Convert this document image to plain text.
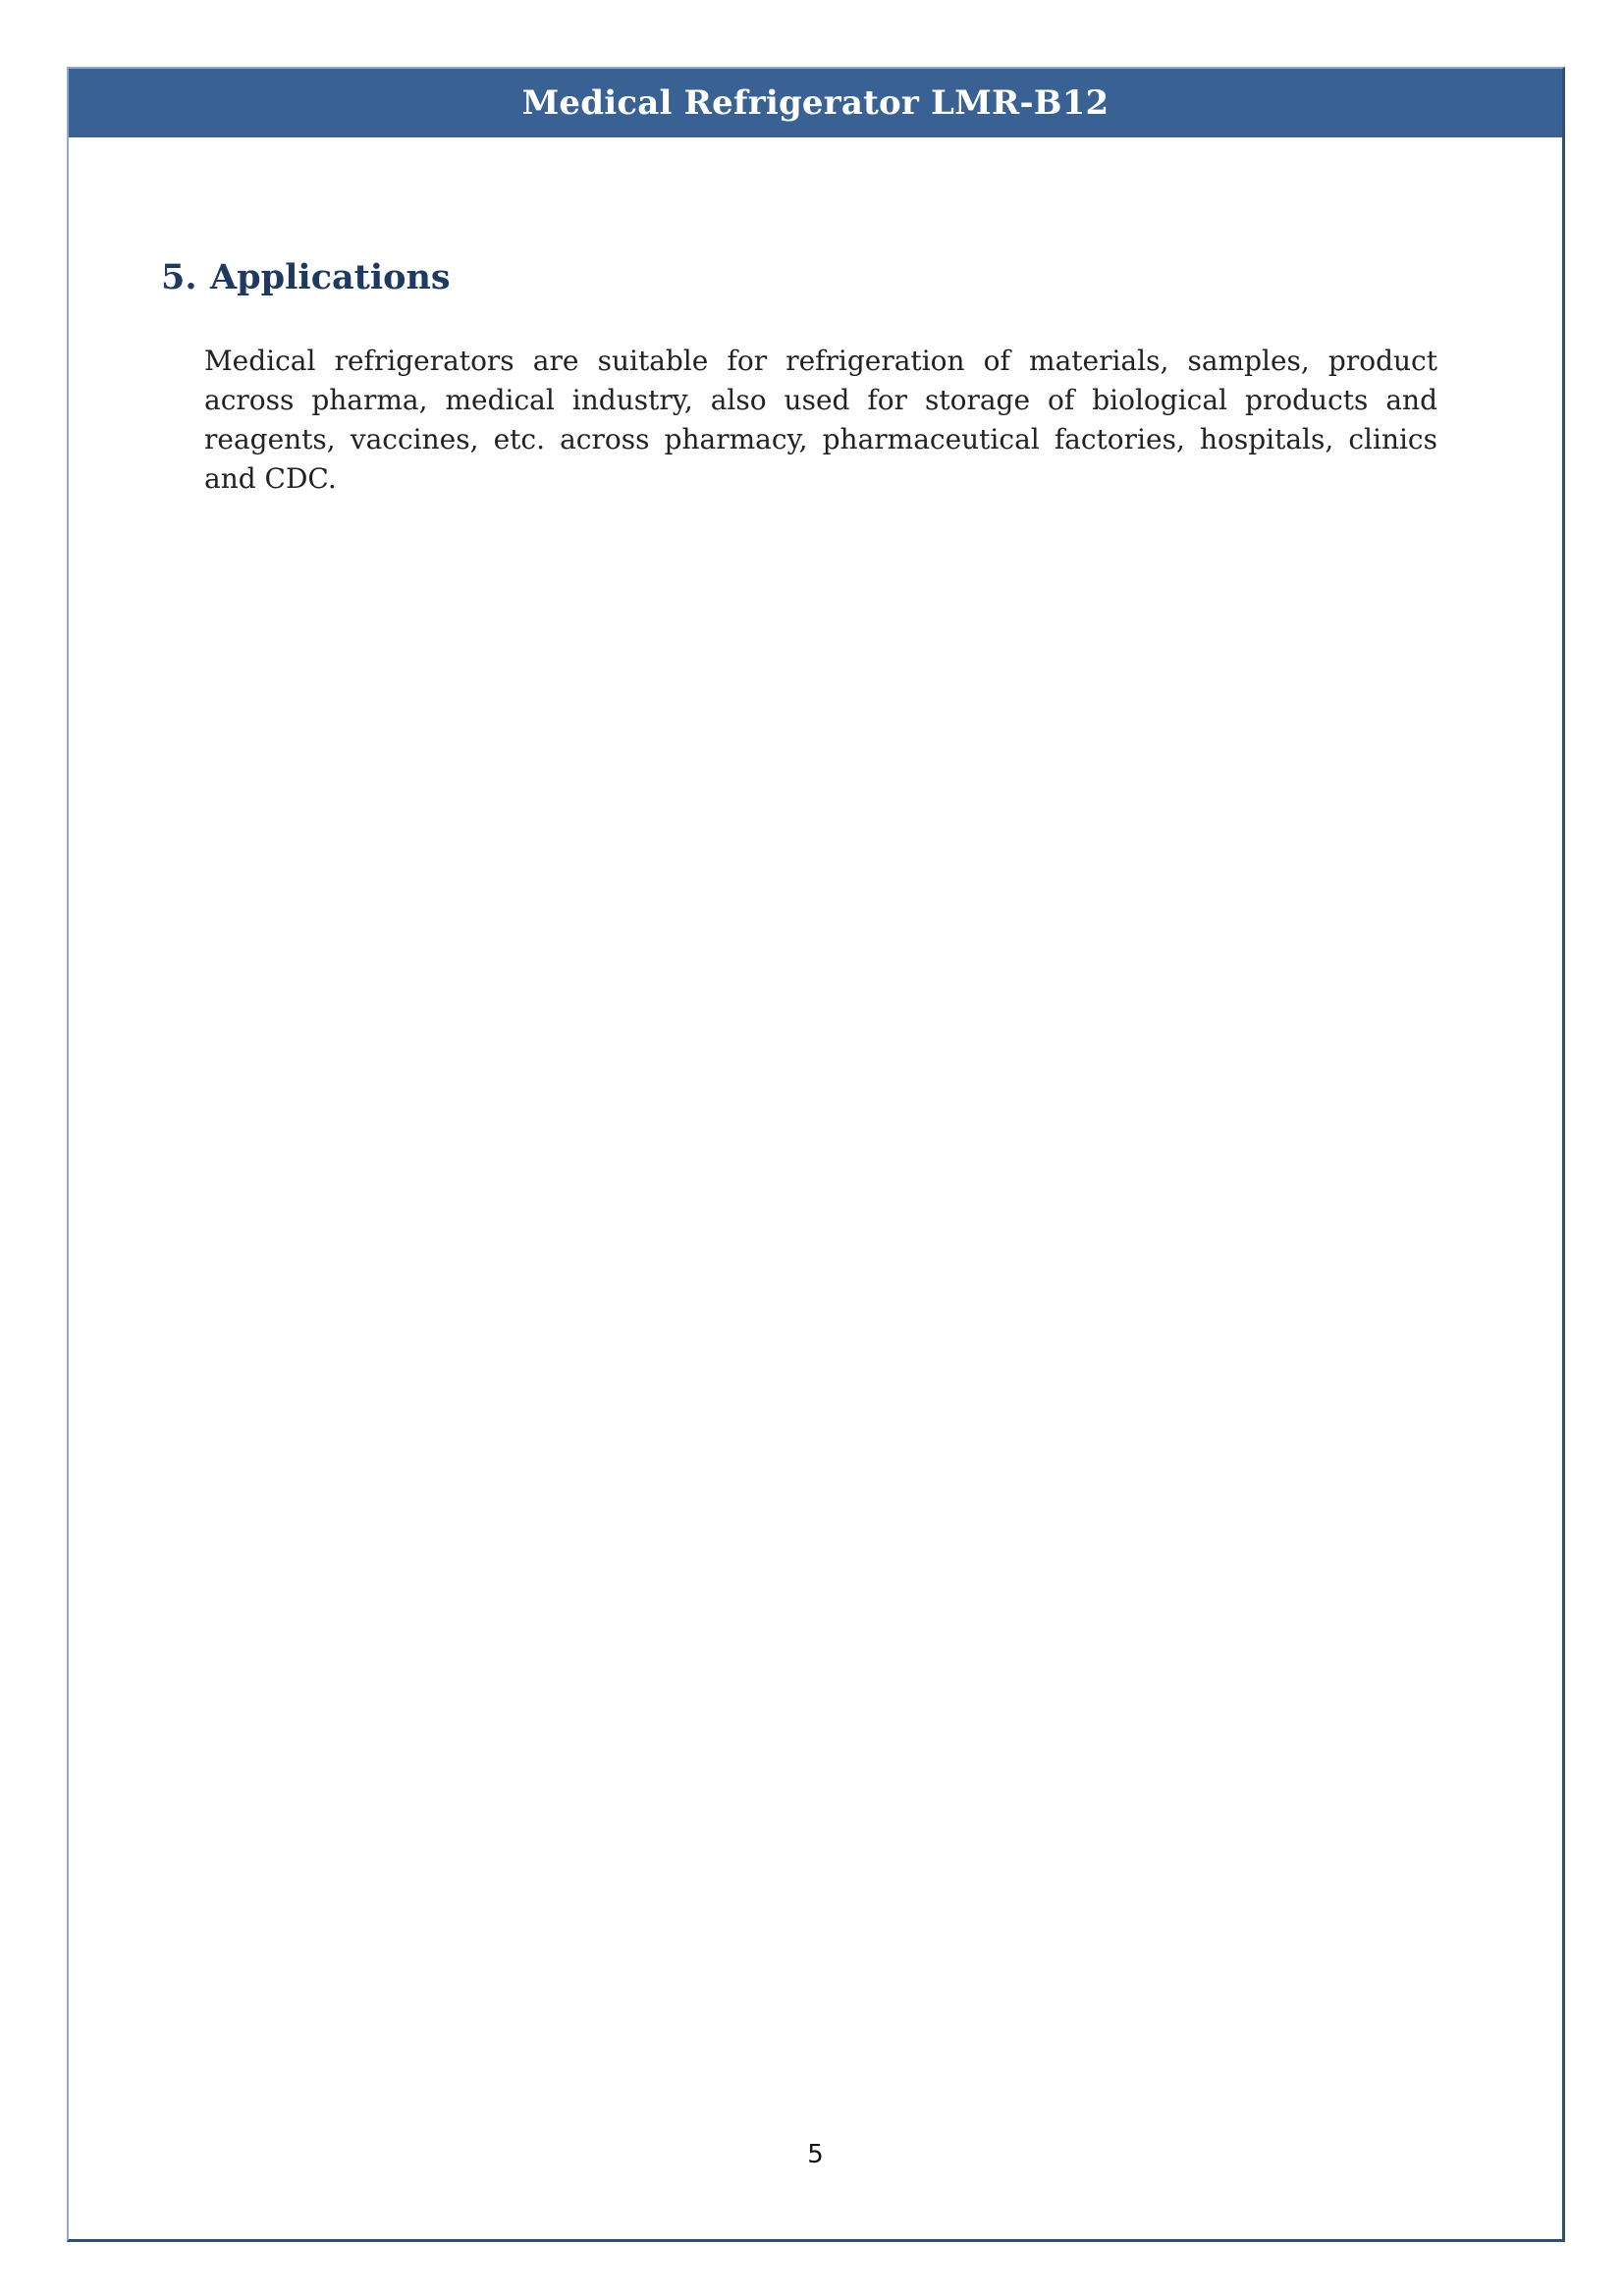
Medical Refrigerator LMR-B12
5. Applications

Medical refrigerators are suitable for refrigeration of materials, samples, product across pharma, medical industry, also used for storage of biological products and reagents, vaccines, etc. across pharmacy, pharmaceutical factories, hospitals, clinics and CDC.

5
